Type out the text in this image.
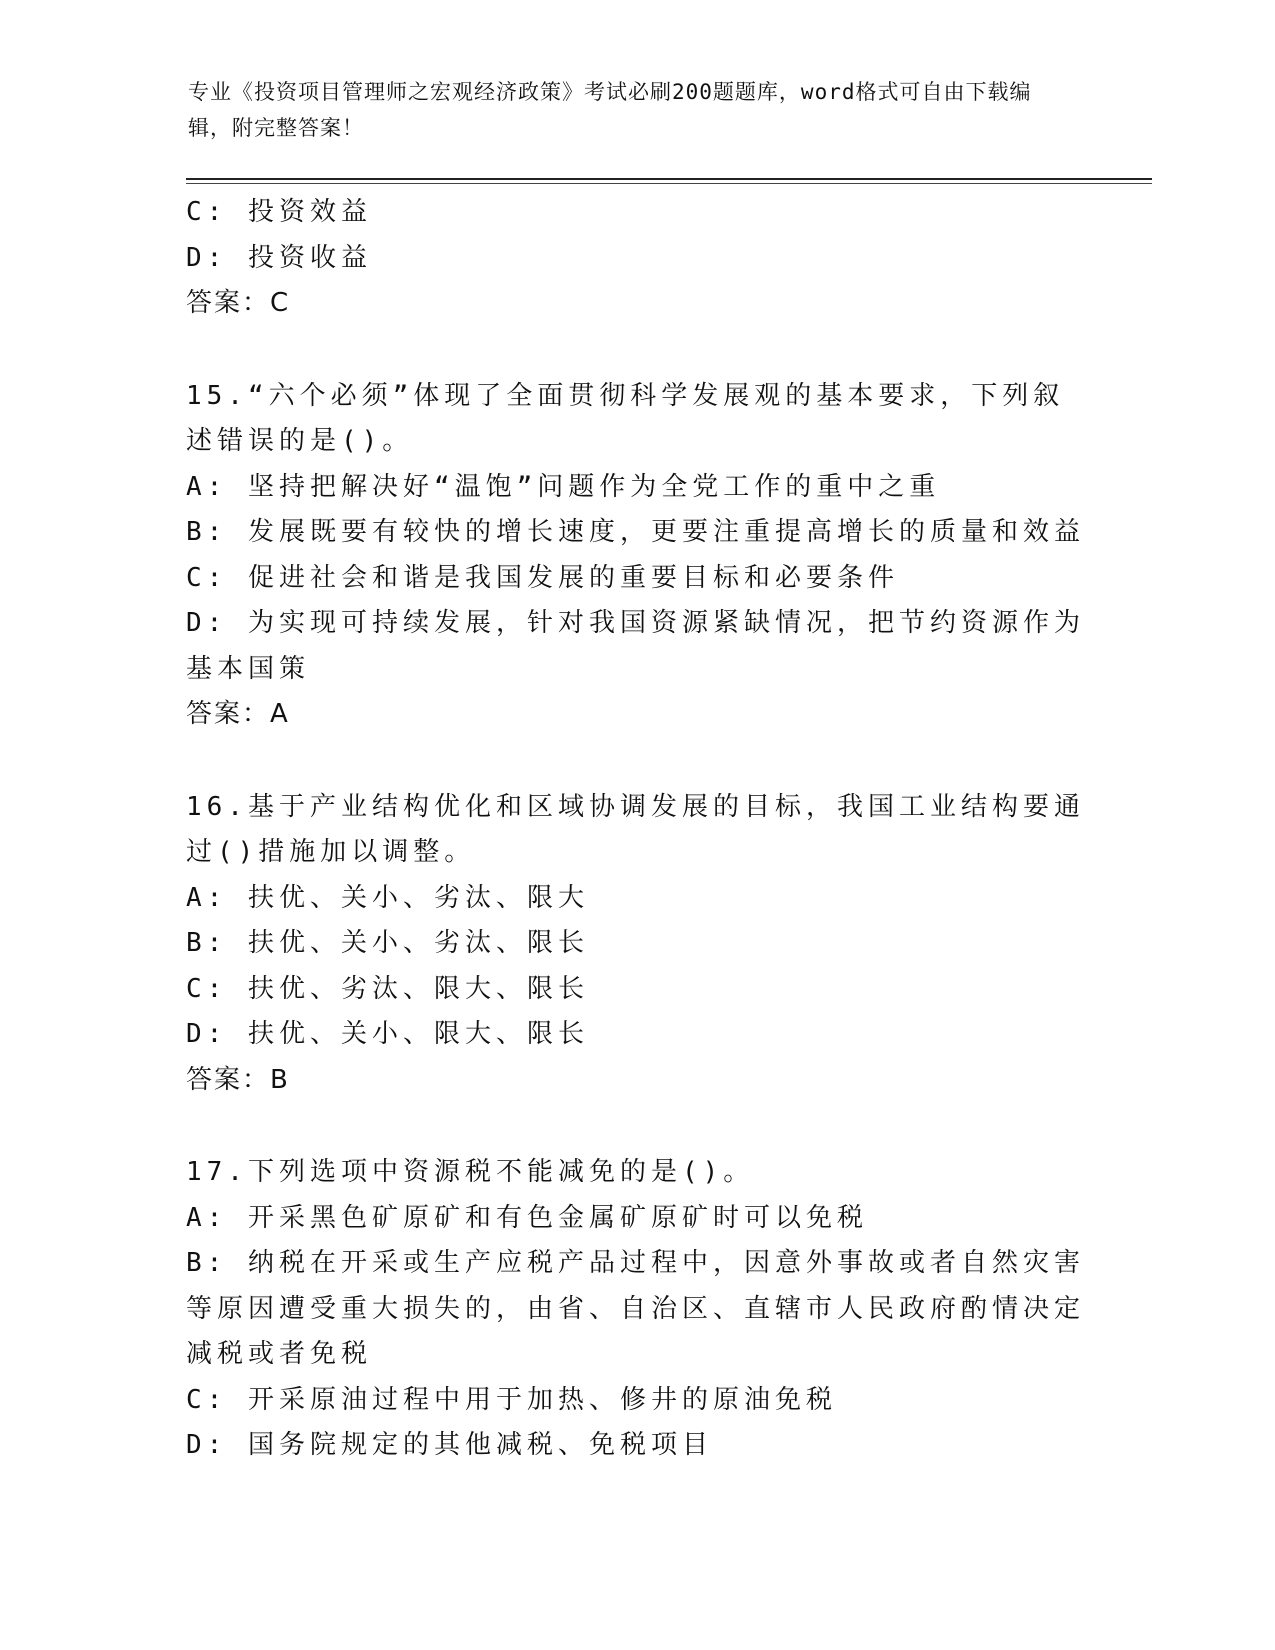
专业《投资项目管理师之宏观经济政策》考试必刷200题题库，word格式可自由下载编辑，附完整答案！
C: 投资效益
D: 投资收益
答案：C
15.“六个必须”体现了全面贯彻科学发展观的基本要求，下列叙述错误的是()。
A: 坚持把解决好“温饱”问题作为全党工作的重中之重
B: 发展既要有较快的增长速度，更要注重提高增长的质量和效益
C: 促进社会和谐是我国发展的重要目标和必要条件
D: 为实现可持续发展，针对我国资源紧缺情况，把节约资源作为基本国策
答案：A
16.基于产业结构优化和区域协调发展的目标，我国工业结构要通过()措施加以调整。
A: 扶优、关小、劣汰、限大
B: 扶优、关小、劣汰、限长
C: 扶优、劣汰、限大、限长
D: 扶优、关小、限大、限长
答案：B
17.下列选项中资源税不能减免的是()。
A: 开采黑色矿原矿和有色金属矿原矿时可以免税
B: 纳税在开采或生产应税产品过程中，因意外事故或者自然灾害等原因遭受重大损失的，由省、自治区、直辖市人民政府酌情决定减税或者免税
C: 开采原油过程中用于加热、修井的原油免税
D: 国务院规定的其他减税、免税项目
